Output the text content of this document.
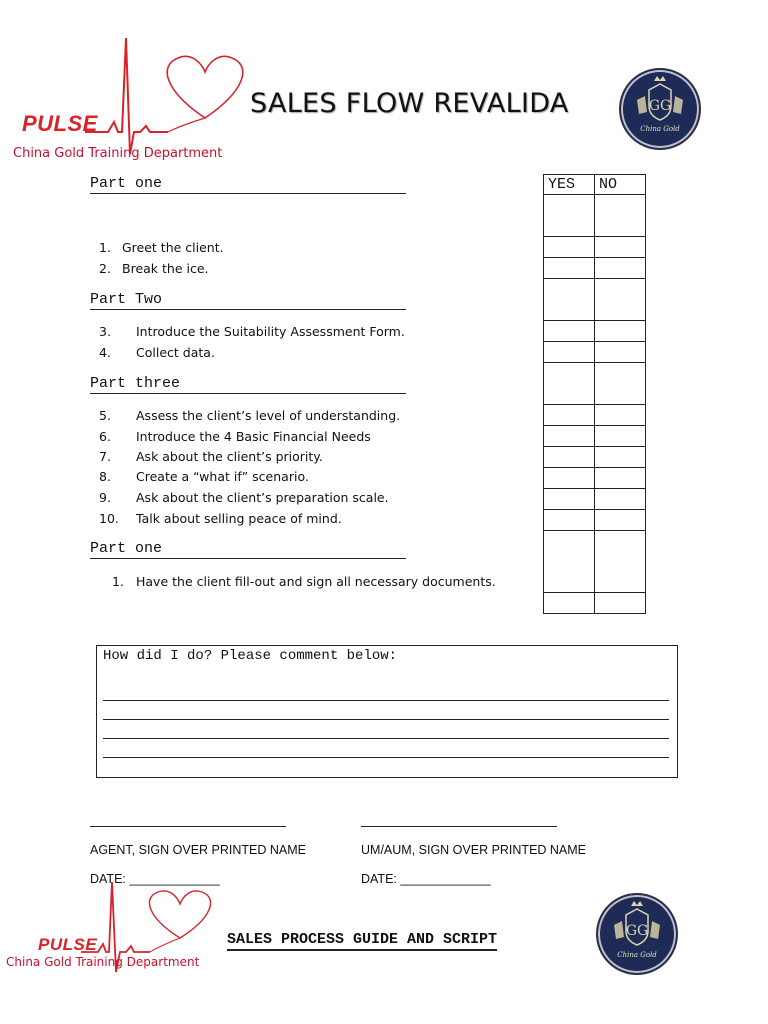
PULSE
China Gold Training Department
SALES FLOW REVALIDA	GG
China Gold
Part one
1. Greet the client.
2. Break the ice.
Part Two
3. Introduce the Suitability Assessment Form.
4. Collect data.
Part three
5. Assess the client’s level of understanding.
6. Introduce the 4 Basic Financial Needs
7. Ask about the client’s priority.
8. Create a “what if” scenario.
9. Ask about the client’s preparation scale.
10. Talk about selling peace of mind.
Part one
1. Have the client fill-out and sign all necessary documents.
YES	NO

How did I do? Please comment below:
AGENT, SIGN OVER PRINTED NAME
DATE: _____________
UM/AUM, SIGN OVER PRINTED NAME
DATE: _____________
PULSE
China Gold Training Department
SALES PROCESS GUIDE AND SCRIPT	GG
China Gold
